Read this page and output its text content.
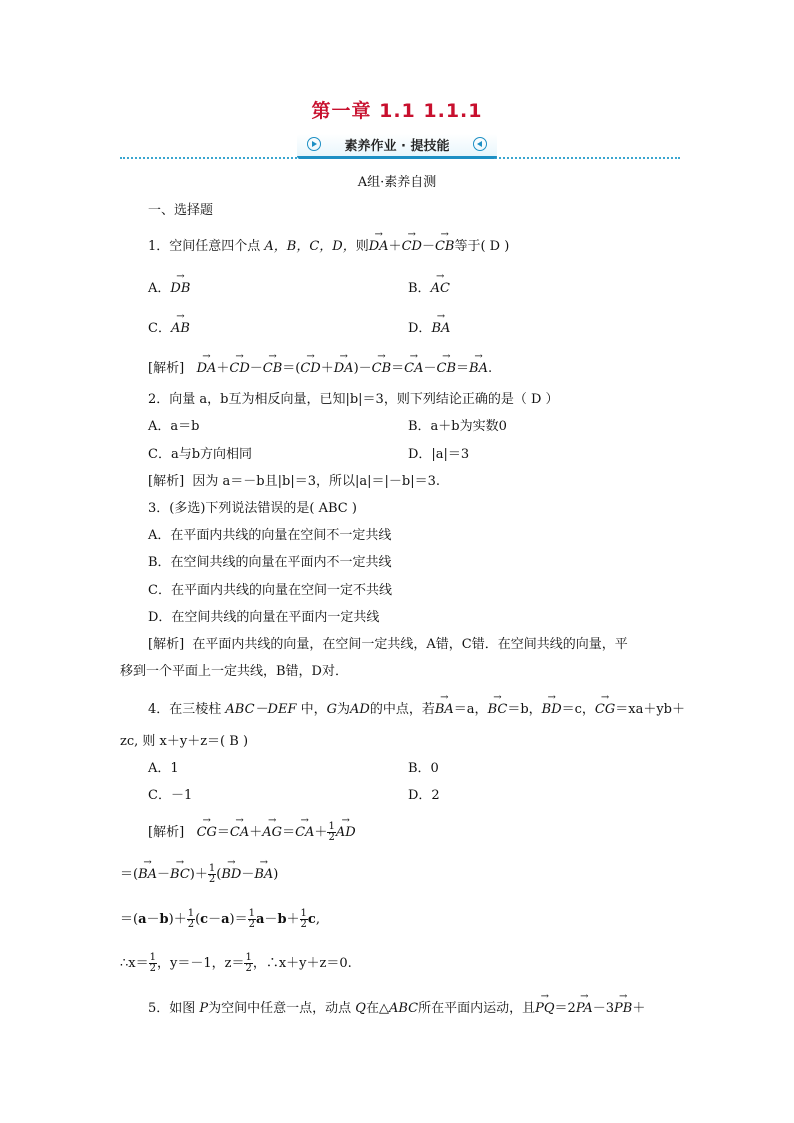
第一章 1.1 1.1.1
素养作业 · 提技能
A组·素养自测
一、选择题
1．空间任意四个点 A，B，C，D，则→ DA＋→ CD－→ CB等于( D )
A．→ DB	B．→ AC
C．→ AB	D．→ BA
[解析] → DA＋→ CD－→ CB＝(→ CD＋→ DA)－→ CB＝→ CA－→ CB＝→ BA.
2．向量 a，b互为相反向量，已知|b|＝3，则下列结论正确的是（ D ）
A．a＝b	B．a＋b为实数0
C．a与b方向相同	D．|a|＝3
[解析] 因为 a＝－b且|b|＝3，所以|a|＝|－b|＝3.
3．(多选)下列说法错误的是( ABC )
A．在平面内共线的向量在空间不一定共线
B．在空间共线的向量在平面内不一定共线
C．在平面内共线的向量在空间一定不共线
D．在空间共线的向量在平面内一定共线
[解析] 在平面内共线的向量，在空间一定共线，A错，C错．在空间共线的向量，平
移到一个平面上一定共线，B错，D对．
4．在三棱柱 ABC－DEF 中，G为AD的中点，若→ BA＝a，→ BC＝b，→ BD＝c，→ CG＝xa＋yb＋
zc, 则 x＋y＋z＝( B )
A．1	B．0
C．－1	D．2
[解析] → $CG=\to CA+\to AG=\to CA+ \frac{1}{2}$ → AD
＝(→ $BA-\to BC)+ \frac{1}{2}$ (→ BD－→ BA)
$=(a-b)+ \frac{1}{2} (c-a)= \frac{1}{2} a-b+ \frac{1}{2} c$,
∴x＝ $\frac{1}{2}$ ，y＝－1，$z= \frac{1}{2}$ ，∴x＋y＋z＝0.
5．如图 P为空间中任意一点，动点 Q在△ABC所在平面内运动，且→ PQ＝2→ PA－3→ PB＋
